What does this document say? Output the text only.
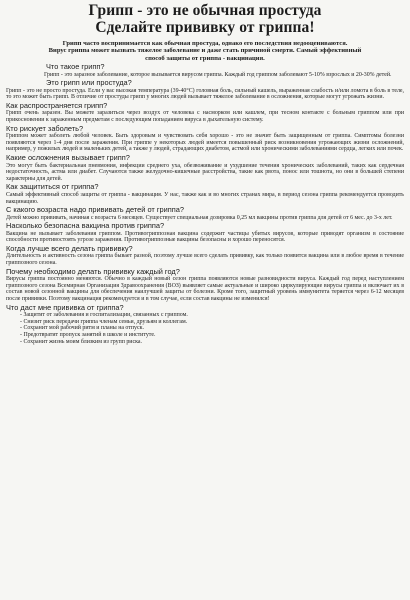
Грипп - это не обычная простуда
Сделайте прививку от гриппа!

Грипп часто воспринимается как обычная простуда, однако его последствия недооцениваются.

Вирус гриппа может вызвать тяжелое заболевание и даже стать причиной смерти. Самый эффективный способ защиты от гриппа - вакцинация.

Что такое грипп?

Грипп - это заразное заболевание, которое вызывается вирусом гриппа. Каждый год гриппом заболевают 5-10% взрослых и 20-30% детей.

Это грипп или простуда?

Грипп - это не просто простуда. Если у вас высокая температура (39-40°С) головная боль, сильный кашель, выраженная слабость и/или ломота в боль в теле, то это может быть грипп. В отличие от простуды грипп у многих людей вызывает тяжелое заболевание в осложнения, которые могут угрожать жизни.

Как распространяется грипп?

Грипп очень заразен. Вы можете заразиться через воздух от человека с насморком или кашлем, при тесном контакте с больным гриппом или при прикосновении к зараженным предметам с последующим попаданием вируса в дыхательную систему.

Кто рискует заболеть?

Гриппом может заболеть любой человек. Быть здоровым и чувствовать себя хорошо - это не значит быть защищенным от гриппа. Симптомы болезни появляются через 1-4 дня после заражения. При гриппе у некоторых людей имеется повышенный риск возникновения угрожающих жизни осложнений, например, у пожилых людей и маленьких детей, а также у людей, страдающих диабетом, астмой или хроническими заболеваниями сердца, легких или почек.

Какие осложнения вызывает грипп?

Это могут быть бактериальная пневмония, инфекции среднего уха, обезвоживание и ухудшение течения хронических заболеваний, таких как сердечная недостаточность, астма или диабет. Случаются также желудочно-кишечные расстройства, такие как рвота, понос или тошнота, но они в большей степени характерны для детей.

Как защититься от гриппа?

Самый эффективный способ защиты от гриппа - вакцинация. У нас, также как и во многих странах мира, в период сезона гриппа рекомендуется проводить вакцинацию.

С какого возраста надо прививать детей от гриппа?

Детей можно прививать, начиная с возраста 6 месяцев. Существует специальная дозировка 0,25 мл вакцины против гриппа для детей от 6 мес. до 3-х лет.

Насколько безопасна вакцина против гриппа?

Вакцина не вызывает заболевания гриппом. Противогриппозная вакцина содержит частицы убитых вирусов, которые приводят организм в состояние способности противостоять угрозе заражения. Противогриппозные вакцины безопасны и хорошо переносятся.

Когда лучше всего делать прививку?

Длительность и активность сезона гриппа бывает разной, поэтому лучше всего сделать прививку, как только появится вакцина или в любое время в течение гриппозного сезона.

Почему необходимо делать прививку каждый год?

Вирусы гриппа постоянно меняются. Обычно в каждый новый сезон гриппа появляются новые разновидности вируса. Каждый год перед наступлением гриппозного сезона Всемирная Организация Здравоохранения (ВОЗ) выявляет самые актуальные и широко циркулирующие вирусы гриппа и включает их в состав новой сезонной вакцины для обеспечения наилучшей защиты от болезни. Кроме того, защитный уровень иммунитета теряется через 6-12 месяцев после прививки. Поэтому вакцинация рекомендуется и в том случае, если состав вакцины не изменился!

Что даст мне прививка от гриппа?

- Защитит от заболевания и госпитализации, связанных с гриппом.
- Снизит риск передачи гриппа членам семьи, друзьям и коллегам.
- Сохранит мой рабочий ритм и планы на отпуск.
- Предотвратит пропуск занятий в школе и институте.
- Сохранит жизнь моим близким из групп риска.
